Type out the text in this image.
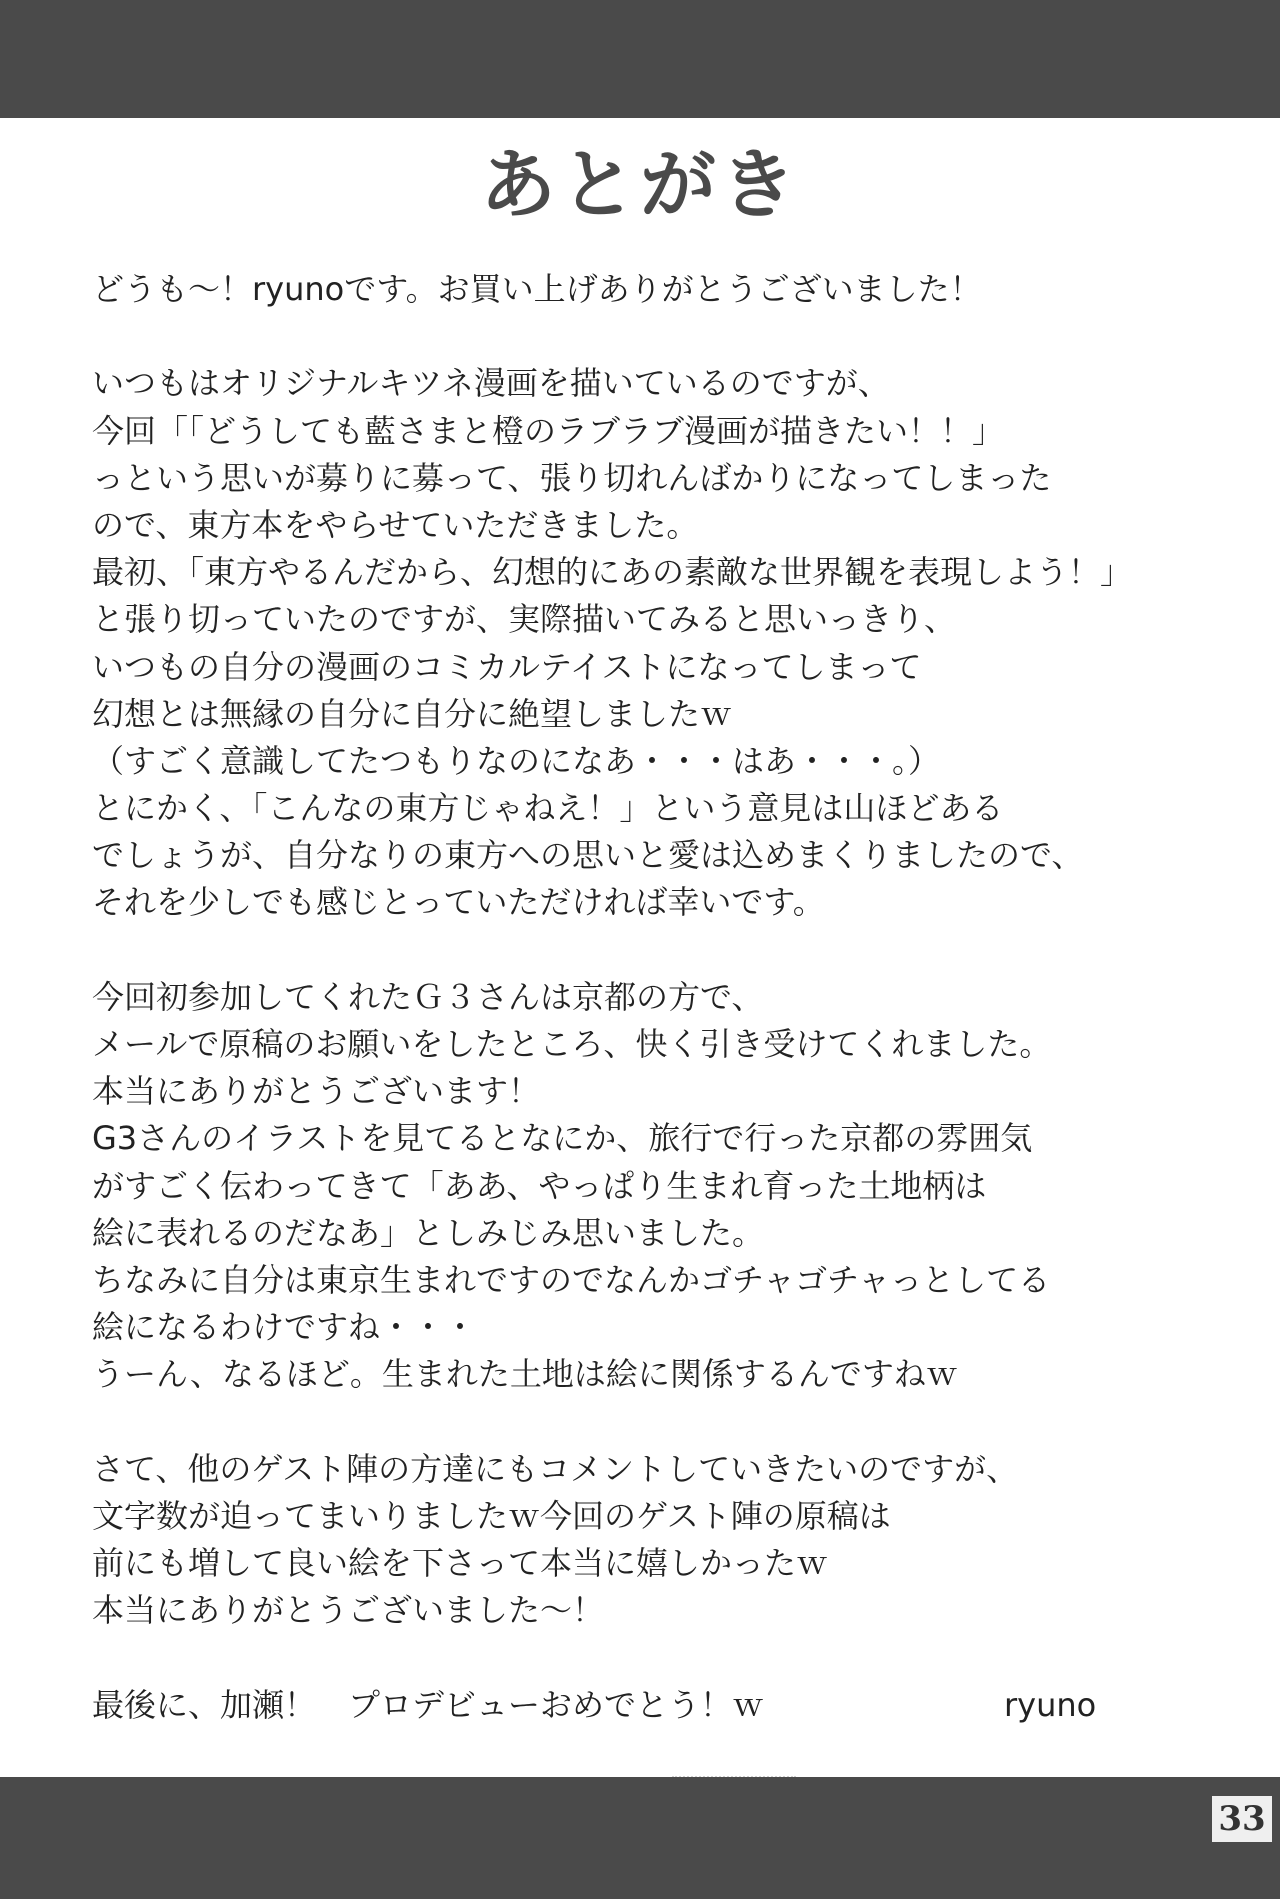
あとがき
どうも～！ryunoです。お買い上げありがとうございました！
いつもはオリジナルキツネ漫画を描いているのですが、
今回「「どうしても藍さまと橙のラブラブ漫画が描きたい！！」
っという思いが募りに募って、張り切れんばかりになってしまった
ので、東方本をやらせていただきました。
最初、「東方やるんだから、幻想的にあの素敵な世界観を表現しよう！」
と張り切っていたのですが、実際描いてみると思いっきり、
いつもの自分の漫画のコミカルテイストになってしまって
幻想とは無縁の自分に自分に絶望しましたｗ
（すごく意識してたつもりなのになあ・・・はあ・・・。）
とにかく、「こんなの東方じゃねえ！」という意見は山ほどある
でしょうが、自分なりの東方への思いと愛は込めまくりましたので、
それを少しでも感じとっていただければ幸いです。
今回初参加してくれたＧ３さんは京都の方で、
メールで原稿のお願いをしたところ、快く引き受けてくれました。
本当にありがとうございます！
G3さんのイラストを見てるとなにか、旅行で行った京都の雰囲気
がすごく伝わってきて「ああ、やっぱり生まれ育った土地柄は
絵に表れるのだなあ」としみじみ思いました。
ちなみに自分は東京生まれですのでなんかゴチャゴチャっとしてる
絵になるわけですね・・・
うーん、なるほど。生まれた土地は絵に関係するんですねｗ
さて、他のゲスト陣の方達にもコメントしていきたいのですが、
文字数が迫ってまいりましたｗ今回のゲスト陣の原稿は
前にも増して良い絵を下さって本当に嬉しかったｗ
本当にありがとうございました～！
最後に、加瀬！　プロデビューおめでとう！ｗ	ryuno
33
